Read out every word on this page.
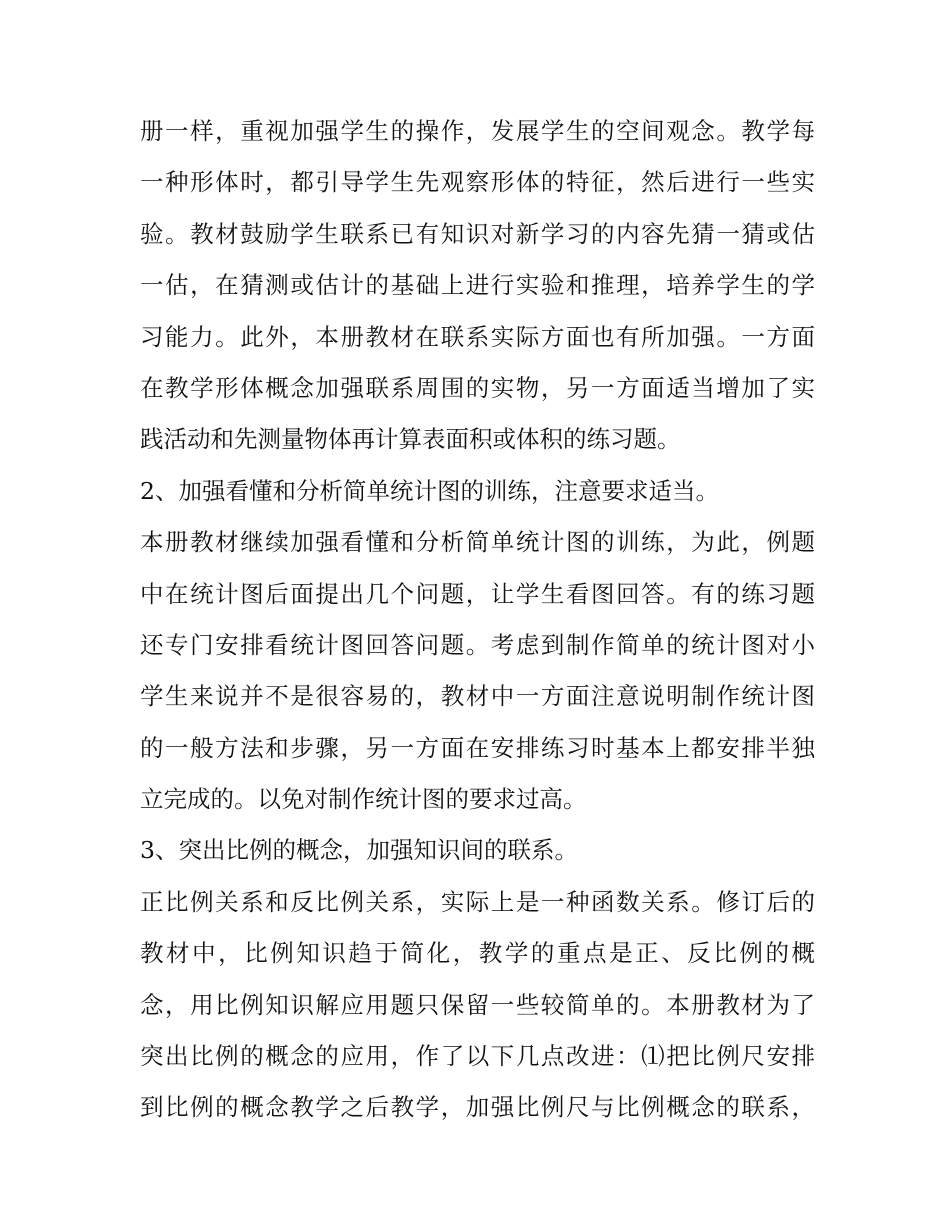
册一样，重视加强学生的操作，发展学生的空间观念。教学每
一种形体时，都引导学生先观察形体的特征，然后进行一些实
验。教材鼓励学生联系已有知识对新学习的内容先猜一猜或估
一估，在猜测或估计的基础上进行实验和推理，培养学生的学
习能力。此外，本册教材在联系实际方面也有所加强。一方面
在教学形体概念加强联系周围的实物，另一方面适当增加了实
践活动和先测量物体再计算表面积或体积的练习题。
2、加强看懂和分析简单统计图的训练，注意要求适当。
本册教材继续加强看懂和分析简单统计图的训练，为此，例题
中在统计图后面提出几个问题，让学生看图回答。有的练习题
还专门安排看统计图回答问题。考虑到制作简单的统计图对小
学生来说并不是很容易的，教材中一方面注意说明制作统计图
的一般方法和步骤，另一方面在安排练习时基本上都安排半独
立完成的。以免对制作统计图的要求过高。
3、突出比例的概念，加强知识间的联系。
正比例关系和反比例关系，实际上是一种函数关系。修订后的
教材中，比例知识趋于简化，教学的重点是正、反比例的概
念，用比例知识解应用题只保留一些较简单的。本册教材为了
突出比例的概念的应用，作了以下几点改进：⑴把比例尺安排
到比例的概念教学之后教学，加强比例尺与比例概念的联系，
